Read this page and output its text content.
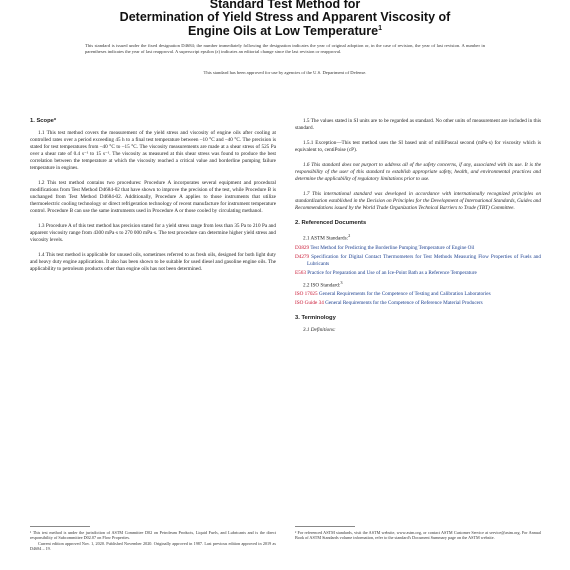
Standard Test Method for
Determination of Yield Stress and Apparent Viscosity of
Engine Oils at Low Temperature$^1$
This standard is issued under the fixed designation D4684; the number immediately following the designation indicates the year of original adoption or, in the case of revision, the year of last revision. A number in parentheses indicates the year of last reapproval. A superscript epsilon (ε) indicates an editorial change since the last revision or reapproval.
This standard has been approved for use by agencies of the U.S. Department of Defense.
1. Scope*

1.1 This test method covers the measurement of the yield stress and viscosity of engine oils after cooling at controlled rates over a period exceeding 45 h to a final test temperature between –10 °C and –40 °C. The precision is stated for test temperatures from –40 °C to –15 °C. The viscosity measurements are made at a shear stress of 525 Pa over a shear rate of 0.4 s⁻¹ to 15 s⁻¹. The viscosity as measured at this shear stress was found to produce the best correlation between the temperature at which the viscosity reached a critical value and borderline pumping failure temperature in engines.

1.2 This test method contains two procedures: Procedure A incorporates several equipment and procedural modifications from Test Method D4684-02 that have shown to improve the precision of the test, while Procedure B is unchanged from Test Method D4684-02. Additionally, Procedure A applies to those instruments that utilize thermoelectric cooling technology or direct refrigeration technology of recent manufacture for instrument temperature control. Procedure B can use the same instruments used in Procedure A or those cooled by circulating methanol.

1.3 Procedure A of this test method has precision stated for a yield stress range from less than 35 Pa to 210 Pa and apparent viscosity range from 4300 mPa·s to 270 000 mPa·s. The test procedure can determine higher yield stress and viscosity levels.

1.4 This test method is applicable for unused oils, sometimes referred to as fresh oils, designed for both light duty and heavy duty engine applications. It also has been shown to be suitable for used diesel and gasoline engine oils. The applicability to petroleum products other than engine oils has not been determined.

1.5 The values stated in SI units are to be regarded as standard. No other units of measurement are included in this standard.

1.5.1 Exception—This test method uses the SI based unit of milliPascal second (mPa·s) for viscosity which is equivalent to, centiPoise (cP).

1.6 This standard does not purport to address all of the safety concerns, if any, associated with its use. It is the responsibility of the user of this standard to establish appropriate safety, health, and environmental practices and determine the applicability of regulatory limitations prior to use.

1.7 This international standard was developed in accordance with internationally recognized principles on standardization established in the Decision on Principles for the Development of International Standards, Guides and Recommendations issued by the World Trade Organization Technical Barriers to Trade (TBT) Committee.

2. Referenced Documents

2.1 ASTM Standards:$^2$

D3829 Test Method for Predicting the Borderline Pumping Temperature of Engine Oil

D4279 Specification for Digital Contact Thermometers for Test Methods Measuring Flow Properties of Fuels and Lubricants

E563 Practice for Preparation and Use of an Ice-Point Bath as a Reference Temperature

2.2 ISO Standard:$^3$

ISO 17025 General Requirements for the Competence of Testing and Calibration Laboratories

ISO Guide 34 General Requirements for the Competence of Reference Material Producers

3. Terminology

3.1 Definitions:

¹ This test method is under the jurisdiction of ASTM Committee D02 on Petroleum Products, Liquid Fuels, and Lubricants and is the direct responsibility of Subcommittee D02.07 on Flow Properties.
Current edition approved Nov. 1, 2020. Published November 2020. Originally approved in 1987. Last previous edition approved in 2019 as D4684 – 19.
² For referenced ASTM standards, visit the ASTM website, www.astm.org, or contact ASTM Customer Service at service@astm.org. For Annual Book of ASTM Standards volume information, refer to the standard's Document Summary page on the ASTM website.
